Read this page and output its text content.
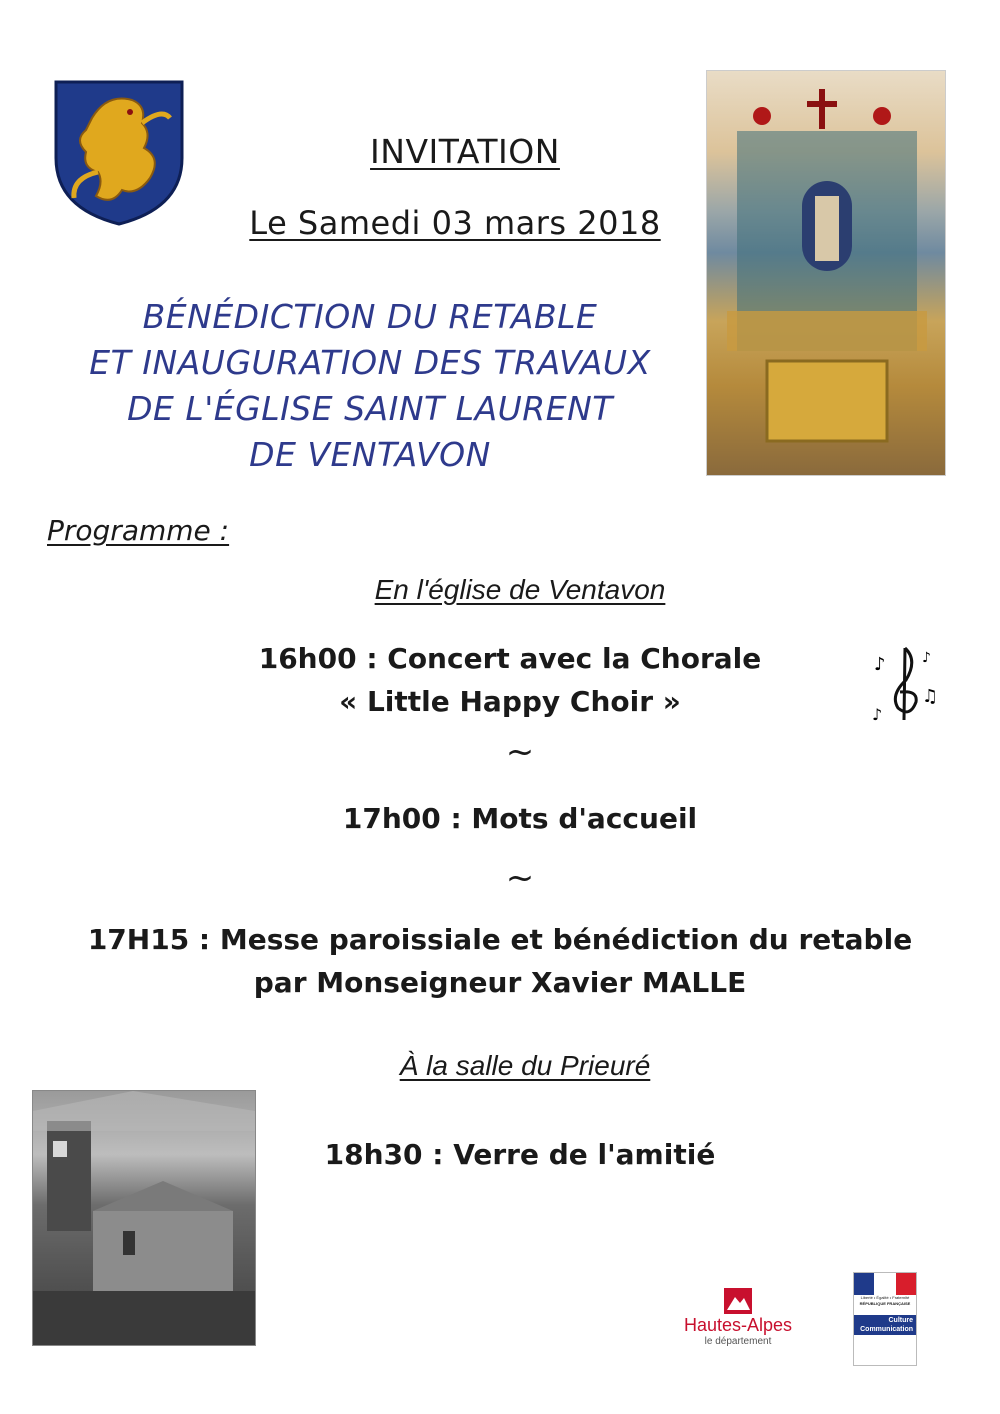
INVITATION
Le Samedi 03 mars 2018
BÉNÉDICTION DU RETABLE
ET INAUGURATION DES TRAVAUX
DE L'ÉGLISE SAINT LAURENT
DE VENTAVON
Programme :
En l'église de Ventavon
16h00 : Concert avec la Chorale
« Little Happy Choir »
♪
♫
♪
♪
~
17h00 : Mots d'accueil
~
17H15 : Messe paroissiale et bénédiction du retable
par Monseigneur Xavier MALLE
À la salle du Prieuré
18h30 : Verre de l'amitié
Hautes-Alpes
le département
Liberté • Égalité • Fraternité
RÉPUBLIQUE FRANÇAISE
Culture
Communication
